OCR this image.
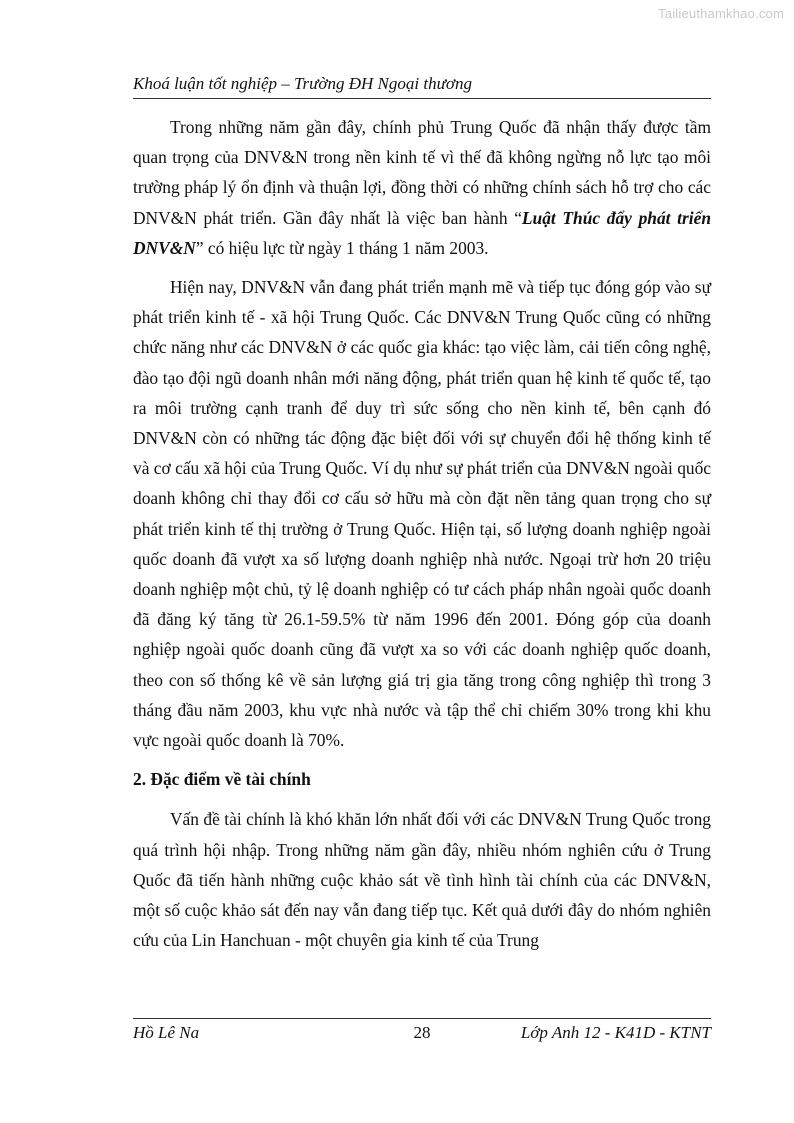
Tailieuthamkhao.com
Khoá luận tốt nghiệp – Trường ĐH Ngoại thương

Trong những năm gần đây, chính phủ Trung Quốc đã nhận thấy được tầm quan trọng của DNV&N trong nền kinh tế vì thế đã không ngừng nỗ lực tạo môi trường pháp lý ổn định và thuận lợi, đồng thời có những chính sách hỗ trợ cho các DNV&N phát triển. Gần đây nhất là việc ban hành “Luật Thúc đẩy phát triển DNV&N” có hiệu lực từ ngày 1 tháng 1 năm 2003.

Hiện nay, DNV&N vẫn đang phát triển mạnh mẽ và tiếp tục đóng góp vào sự phát triển kinh tế - xã hội Trung Quốc. Các DNV&N Trung Quốc cũng có những chức năng như các DNV&N ở các quốc gia khác: tạo việc làm, cải tiến công nghệ, đào tạo đội ngũ doanh nhân mới năng động, phát triển quan hệ kinh tế quốc tế, tạo ra môi trường cạnh tranh để duy trì sức sống cho nền kinh tế, bên cạnh đó DNV&N còn có những tác động đặc biệt đối với sự chuyển đổi hệ thống kinh tế và cơ cấu xã hội của Trung Quốc. Ví dụ như sự phát triển của DNV&N ngoài quốc doanh không chỉ thay đổi cơ cấu sở hữu mà còn đặt nền tảng quan trọng cho sự phát triển kinh tế thị trường ở Trung Quốc. Hiện tại, số lượng doanh nghiệp ngoài quốc doanh đã vượt xa số lượng doanh nghiệp nhà nước. Ngoại trừ hơn 20 triệu doanh nghiệp một chủ, tỷ lệ doanh nghiệp có tư cách pháp nhân ngoài quốc doanh đã đăng ký tăng từ 26.1-59.5% từ năm 1996 đến 2001. Đóng góp của doanh nghiệp ngoài quốc doanh cũng đã vượt xa so với các doanh nghiệp quốc doanh, theo con số thống kê về sản lượng giá trị gia tăng trong công nghiệp thì trong 3 tháng đầu năm 2003, khu vực nhà nước và tập thể chỉ chiếm 30% trong khi khu vực ngoài quốc doanh là 70%.

2. Đặc điểm về tài chính

Vấn đề tài chính là khó khăn lớn nhất đối với các DNV&N Trung Quốc trong quá trình hội nhập. Trong những năm gần đây, nhiều nhóm nghiên cứu ở Trung Quốc đã tiến hành những cuộc khảo sát về tình hình tài chính của các DNV&N, một số cuộc khảo sát đến nay vẫn đang tiếp tục. Kết quả dưới đây do nhóm nghiên cứu của Lin Hanchuan - một chuyên gia kinh tế của Trung

Hồ Lê Na	28	Lớp Anh 12 - K41D - KTNT
